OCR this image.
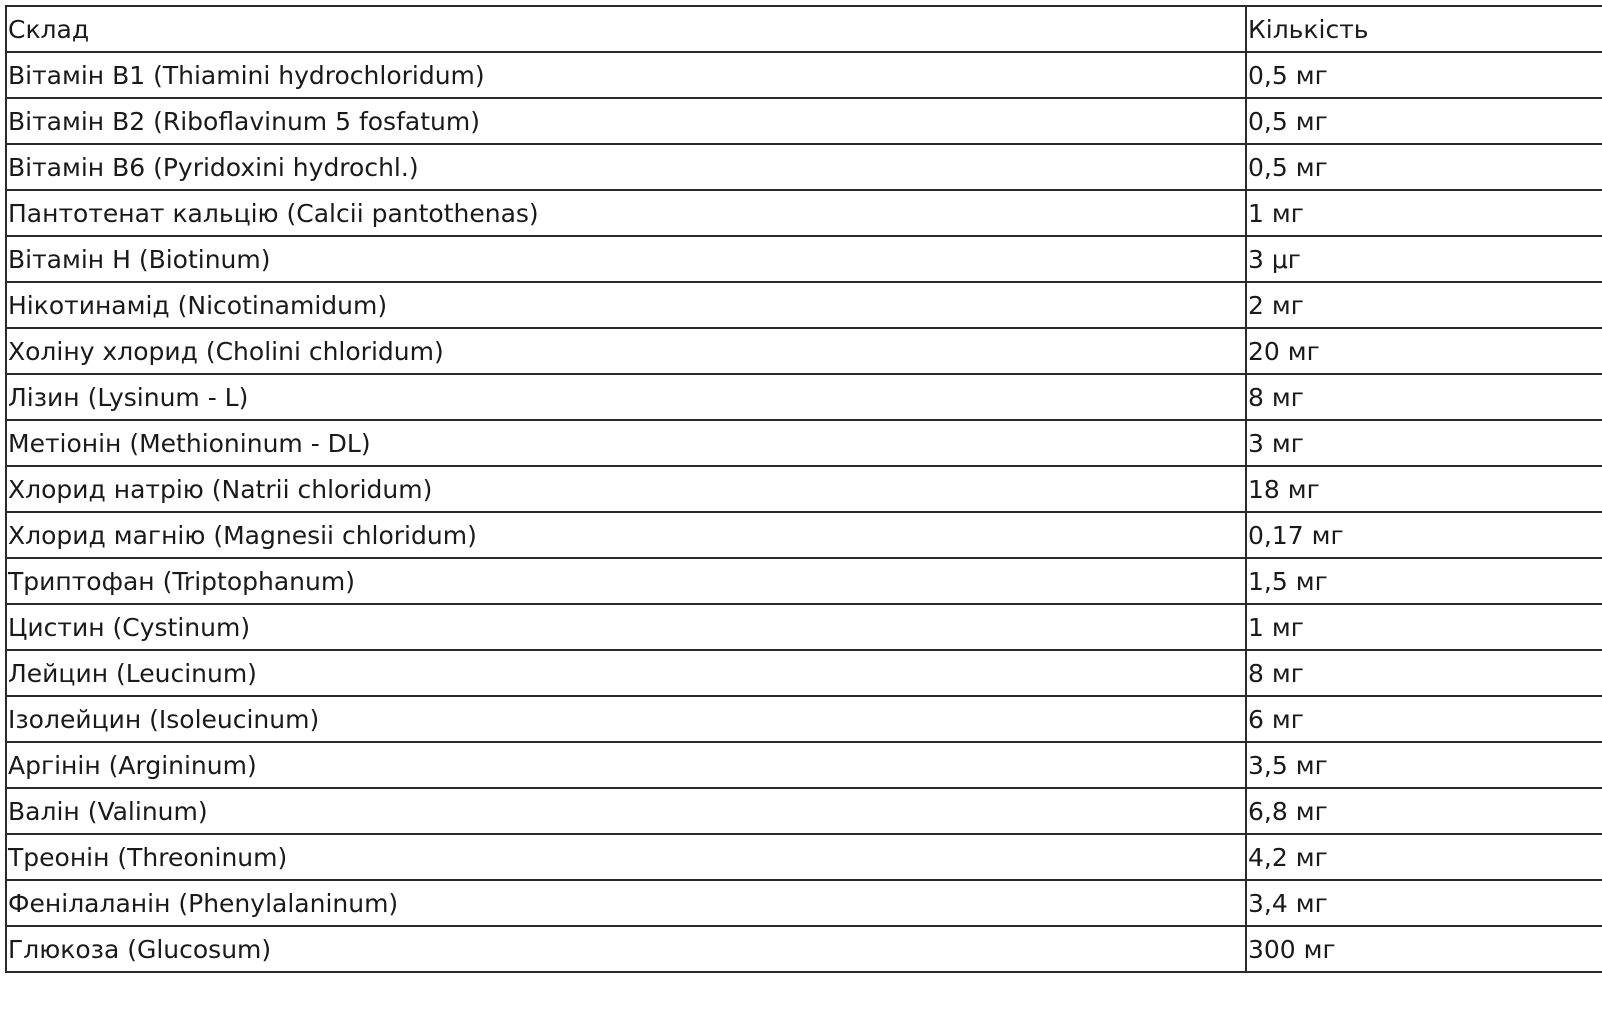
Склад	Кількість
Вітамін В1 (Thiamini hydrochloridum)	0,5 мг
Вітамін В2 (Riboflavinum 5 fosfatum)	0,5 мг
Вітамін В6 (Pyridoxini hydrochl.)	0,5 мг
Пантотенат кальцію (Calcii pantothenas)	1 мг
Вітамін Н (Biotinum)	3 μг
Нікотинамід (Nicotinamidum)	2 мг
Холіну хлорид (Cholini chloridum)	20 мг
Лізин (Lysinum - L)	8 мг
Метіонін (Methioninum - DL)	3 мг
Хлорид натрію (Natrii chloridum)	18 мг
Хлорид магнію (Magnesii chloridum)	0,17 мг
Триптофан (Triptophanum)	1,5 мг
Цистин (Cystinum)	1 мг
Лейцин (Leucinum)	8 мг
Ізолейцин (Isoleucinum)	6 мг
Аргінін (Argininum)	3,5 мг
Валін (Valinum)	6,8 мг
Треонін (Threoninum)	4,2 мг
Фенілаланін (Phenylalaninum)	3,4 мг
Глюкоза (Glucosum)	300 мг
